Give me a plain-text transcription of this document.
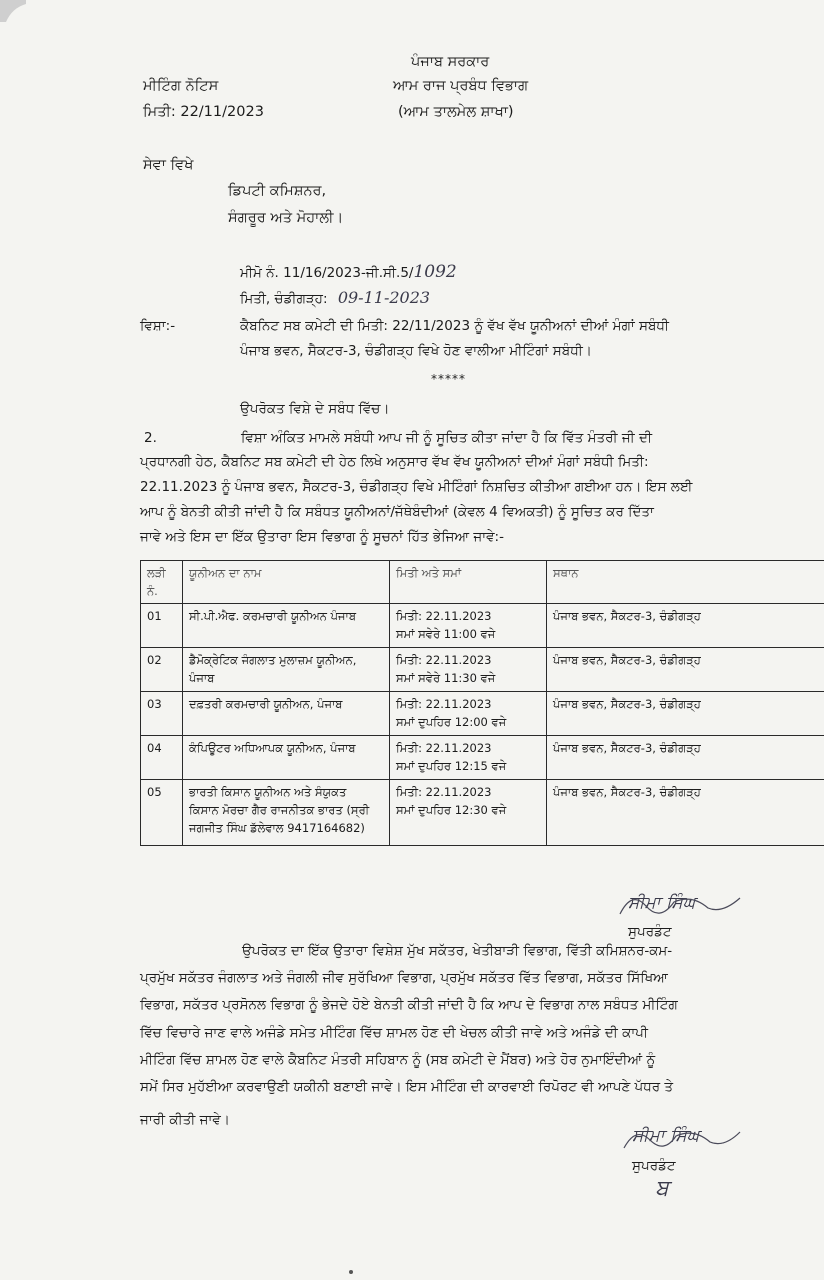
ਪੰਜਾਬ ਸਰਕਾਰ
ਮੀਟਿੰਗ ਨੋਟਿਸ	ਆਮ ਰਾਜ ਪ੍ਰਬੰਧ ਵਿਭਾਗ
ਮਿਤੀ: 22/11/2023	(ਆਮ ਤਾਲਮੇਲ ਸ਼ਾਖਾ)
ਸੇਵਾ ਵਿਖੇ
ਡਿਪਟੀ ਕਮਿਸ਼ਨਰ,
ਸੰਗਰੂਰ ਅਤੇ ਮੋਹਾਲੀ।
ਮੀਮੋ ਨੰ. 11/16/2023-ਜੀ.ਸੀ.5/1092
ਮਿਤੀ, ਚੰਡੀਗੜ੍ਹ: 09-11-2023
ਵਿਸ਼ਾ:-	ਕੈਬਨਿਟ ਸਬ ਕਮੇਟੀ ਦੀ ਮਿਤੀ: 22/11/2023 ਨੂੰ ਵੱਖ ਵੱਖ ਯੂਨੀਅਨਾਂ ਦੀਆਂ ਮੰਗਾਂ ਸਬੰਧੀ
ਪੰਜਾਬ ਭਵਨ, ਸੈਕਟਰ-3, ਚੰਡੀਗੜ੍ਹ ਵਿਖੇ ਹੋਣ ਵਾਲੀਆ ਮੀਟਿੰਗਾਂ ਸਬੰਧੀ।
*****
ਉਪਰੋਕਤ ਵਿਸ਼ੇ ਦੇ ਸਬੰਧ ਵਿੱਚ।
2.	ਵਿਸ਼ਾ ਅੰਕਿਤ ਮਾਮਲੇ ਸਬੰਧੀ ਆਪ ਜੀ ਨੂੰ ਸੂਚਿਤ ਕੀਤਾ ਜਾਂਦਾ ਹੈ ਕਿ ਵਿੱਤ ਮੰਤਰੀ ਜੀ ਦੀ
ਪ੍ਰਧਾਨਗੀ ਹੇਠ, ਕੈਬਨਿਟ ਸਬ ਕਮੇਟੀ ਦੀ ਹੇਠ ਲਿਖੇ ਅਨੁਸਾਰ ਵੱਖ ਵੱਖ ਯੂਨੀਅਨਾਂ ਦੀਆਂ ਮੰਗਾਂ ਸਬੰਧੀ ਮਿਤੀ:
22.11.2023 ਨੂੰ ਪੰਜਾਬ ਭਵਨ, ਸੈਕਟਰ-3, ਚੰਡੀਗੜ੍ਹ ਵਿਖੇ ਮੀਟਿੰਗਾਂ ਨਿਸ਼ਚਿਤ ਕੀਤੀਆ ਗਈਆ ਹਨ। ਇਸ ਲਈ
ਆਪ ਨੂੰ ਬੇਨਤੀ ਕੀਤੀ ਜਾਂਦੀ ਹੈ ਕਿ ਸਬੰਧਤ ਯੂਨੀਅਨਾਂ/ਜੱਥੇਬੰਦੀਆਂ (ਕੇਵਲ 4 ਵਿਅਕਤੀ) ਨੂੰ ਸੂਚਿਤ ਕਰ ਦਿੱਤਾ
ਜਾਵੇ ਅਤੇ ਇਸ ਦਾ ਇੱਕ ਉਤਾਰਾ ਇਸ ਵਿਭਾਗ ਨੂੰ ਸੂਚਨਾਂ ਹਿੱਤ ਭੇਜਿਆ ਜਾਵੇ:-
ਲੜੀ ਨੰ.	ਯੂਨੀਅਨ ਦਾ ਨਾਮ	ਮਿਤੀ ਅਤੇ ਸਮਾਂ	ਸਥਾਨ
01	ਸੀ.ਪੀ.ਐਫ. ਕਰਮਚਾਰੀ ਯੂਨੀਅਨ ਪੰਜਾਬ	ਮਿਤੀ: 22.11.2023
ਸਮਾਂ ਸਵੇਰੇ 11:00 ਵਜੇ	ਪੰਜਾਬ ਭਵਨ, ਸੈਕਟਰ-3, ਚੰਡੀਗੜ੍ਹ
02	ਡੈਮੋਕ੍ਰੇਟਿਕ ਜੰਗਲਾਤ ਮੁਲਾਜ਼ਮ ਯੂਨੀਅਨ,
ਪੰਜਾਬ	ਮਿਤੀ: 22.11.2023
ਸਮਾਂ ਸਵੇਰੇ 11:30 ਵਜੇ	ਪੰਜਾਬ ਭਵਨ, ਸੈਕਟਰ-3, ਚੰਡੀਗੜ੍ਹ
03	ਦਫ਼ਤਰੀ ਕਰਮਚਾਰੀ ਯੂਨੀਅਨ, ਪੰਜਾਬ	ਮਿਤੀ: 22.11.2023
ਸਮਾਂ ਦੁਪਹਿਰ 12:00 ਵਜੇ	ਪੰਜਾਬ ਭਵਨ, ਸੈਕਟਰ-3, ਚੰਡੀਗੜ੍ਹ
04	ਕੰਪਿਊਟਰ ਅਧਿਆਪਕ ਯੂਨੀਅਨ, ਪੰਜਾਬ	ਮਿਤੀ: 22.11.2023
ਸਮਾਂ ਦੁਪਹਿਰ 12:15 ਵਜੇ	ਪੰਜਾਬ ਭਵਨ, ਸੈਕਟਰ-3, ਚੰਡੀਗੜ੍ਹ
05	ਭਾਰਤੀ ਕਿਸਾਨ ਯੂਨੀਅਨ ਅਤੇ ਸੰਯੁਕਤ
ਕਿਸਾਨ ਮੋਰਚਾ ਗੈਰ ਰਾਜਨੀਤਕ ਭਾਰਤ (ਸ੍ਰੀ
ਜਗਜੀਤ ਸਿੰਘ ਡੱਲੇਵਾਲ 9417164682)	ਮਿਤੀ: 22.11.2023
ਸਮਾਂ ਦੁਪਹਿਰ 12:30 ਵਜੇ	ਪੰਜਾਬ ਭਵਨ, ਸੈਕਟਰ-3, ਚੰਡੀਗੜ੍ਹ
ਸੀਮਾ ਸਿੰਘ
ਸੁਪਰਡੰਟ
ਉਪਰੋਕਤ ਦਾ ਇੱਕ ਉਤਾਰਾ ਵਿਸ਼ੇਸ਼ ਮੁੱਖ ਸਕੱਤਰ, ਖੇਤੀਬਾੜੀ ਵਿਭਾਗ, ਵਿੱਤੀ ਕਮਿਸ਼ਨਰ-ਕਮ-
ਪ੍ਰਮੁੱਖ ਸਕੱਤਰ ਜੰਗਲਾਤ ਅਤੇ ਜੰਗਲੀ ਜੀਵ ਸੁਰੱਖਿਆ ਵਿਭਾਗ, ਪ੍ਰਮੁੱਖ ਸਕੱਤਰ ਵਿੱਤ ਵਿਭਾਗ, ਸਕੱਤਰ ਸਿੱਖਿਆ
ਵਿਭਾਗ, ਸਕੱਤਰ ਪ੍ਰਸੋਨਲ ਵਿਭਾਗ ਨੂੰ ਭੇਜਦੇ ਹੋਏ ਬੇਨਤੀ ਕੀਤੀ ਜਾਂਦੀ ਹੈ ਕਿ ਆਪ ਦੇ ਵਿਭਾਗ ਨਾਲ ਸਬੰਧਤ ਮੀਟਿੰਗ
ਵਿੱਚ ਵਿਚਾਰੇ ਜਾਣ ਵਾਲੇ ਅਜੰਡੇ ਸਮੇਤ ਮੀਟਿੰਗ ਵਿੱਚ ਸ਼ਾਮਲ ਹੋਣ ਦੀ ਖੇਚਲ ਕੀਤੀ ਜਾਵੇ ਅਤੇ ਅਜੰਡੇ ਦੀ ਕਾਪੀ
ਮੀਟਿੰਗ ਵਿੱਚ ਸ਼ਾਮਲ ਹੋਣ ਵਾਲੇ ਕੈਬਨਿਟ ਮੰਤਰੀ ਸਹਿਬਾਨ ਨੂੰ (ਸਬ ਕਮੇਟੀ ਦੇ ਮੈਂਬਰ) ਅਤੇ ਹੋਰ ਨੁਮਾਇੰਦੀਆਂ ਨੂੰ
ਸਮੇਂ ਸਿਰ ਮੁਹੱਈਆ ਕਰਵਾਉਣੀ ਯਕੀਨੀ ਬਣਾਈ ਜਾਵੇ। ਇਸ ਮੀਟਿੰਗ ਦੀ ਕਾਰਵਾਈ ਰਿਪੋਰਟ ਵੀ ਆਪਣੇ ਪੱਧਰ ਤੇ
ਜਾਰੀ ਕੀਤੀ ਜਾਵੇ।
ਸੀਮਾ ਸਿੰਘ
ਸੁਪਰਡੰਟ
ਬ
